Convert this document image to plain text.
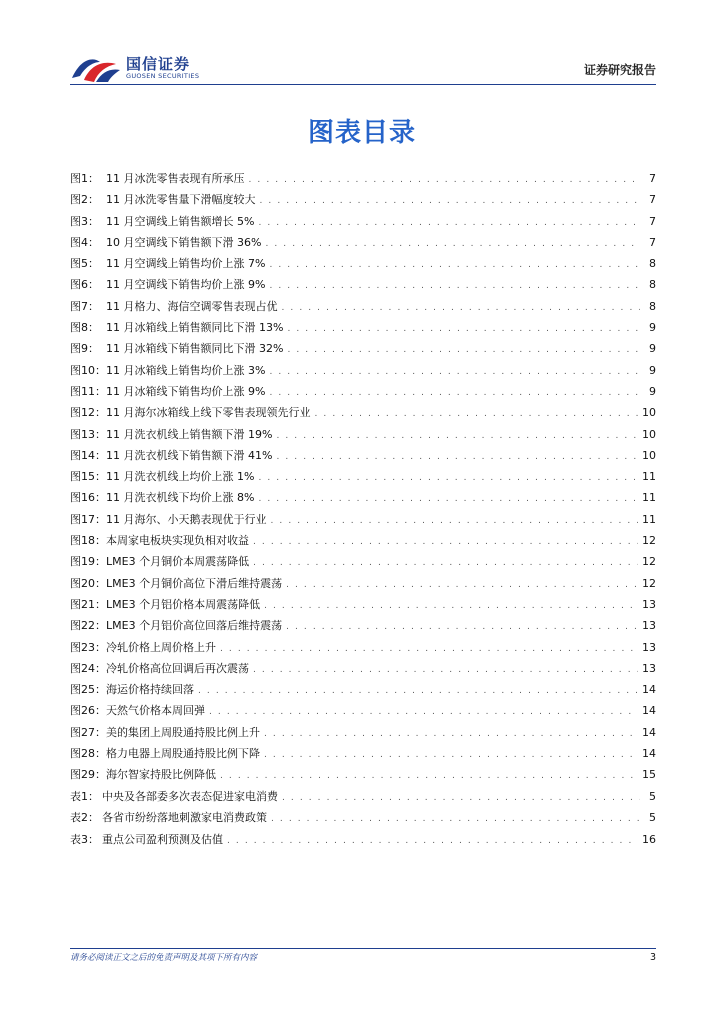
国信证券
GUOSEN SECURITIES	证券研究报告
图表目录
图1： 11 月冰洗零售表现有所承压 . . .	7
图2： 11 月冰洗零售量下滑幅度较大 . . .	7
图3： 11 月空调线上销售额增长 5% . . .	7
图4： 10 月空调线下销售额下滑 36% . . .	7
图5： 11 月空调线上销售均价上涨 7% . . .	8
图6： 11 月空调线下销售均价上涨 9% . . .	8
图7： 11 月格力、海信空调零售表现占优 . . .	8
图8： 11 月冰箱线上销售额同比下滑 13% . . .	9
图9： 11 月冰箱线下销售额同比下滑 32% . . .	9
图10： 11 月冰箱线上销售均价上涨 3% . . .	9
图11： 11 月冰箱线下销售均价上涨 9% . . .	9
图12： 11 月海尔冰箱线上线下零售表现领先行业 . . .	10
图13： 11 月洗衣机线上销售额下滑 19% . . .	10
图14： 11 月洗衣机线下销售额下滑 41% . . .	10
图15： 11 月洗衣机线上均价上涨 1% . . .	11
图16： 11 月洗衣机线下均价上涨 8% . . .	11
图17： 11 月海尔、小天鹅表现优于行业 . . .	11
图18： 本周家电板块实现负相对收益 . . .	12
图19： LME3 个月铜价本周震荡降低 . . .	12
图20： LME3 个月铜价高位下滑后维持震荡 . . .	12
图21： LME3 个月铝价格本周震荡降低 . . .	13
图22： LME3 个月铝价高位回落后维持震荡 . . .	13
图23： 冷轧价格上周价格上升 . . .	13
图24： 冷轧价格高位回调后再次震荡 . . .	13
图25： 海运价格持续回落 . . .	14
图26： 天然气价格本周回弹 . . .	14
图27： 美的集团上周股通持股比例上升 . . .	14
图28： 格力电器上周股通持股比例下降 . . .	14
图29： 海尔智家持股比例降低 . . .	15
表1： 中央及各部委多次表态促进家电消费 . . .	5
表2： 各省市纷纷落地刺激家电消费政策 . . .	5
表3： 重点公司盈利预测及估值 . . .	16
请务必阅读正文之后的免责声明及其项下所有内容	3
